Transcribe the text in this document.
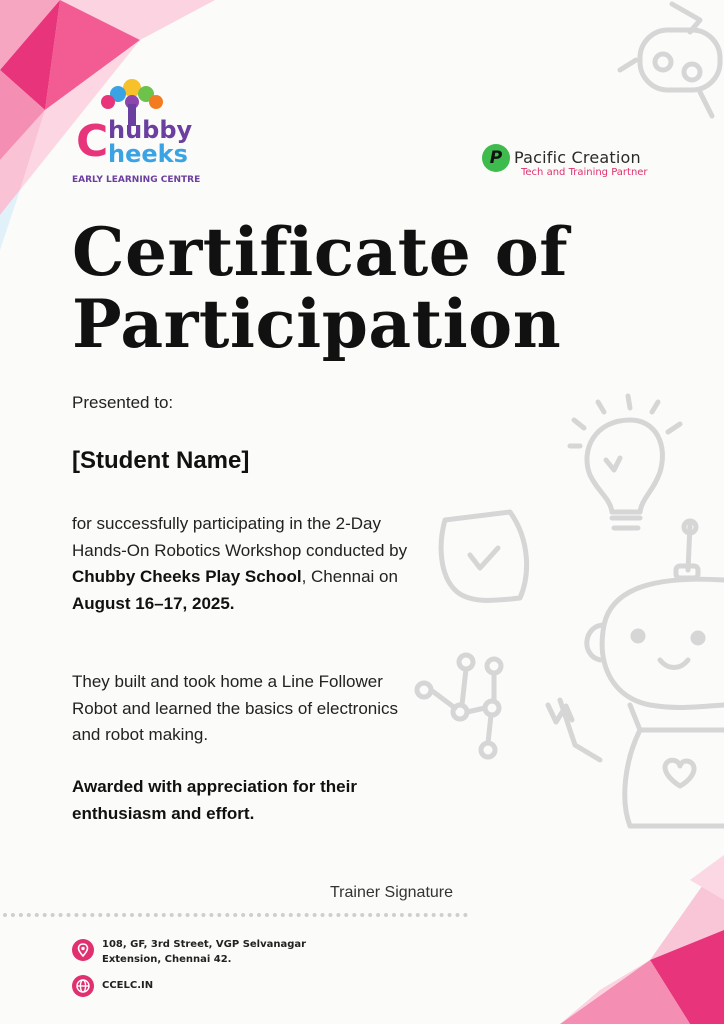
C hubby
heeks
EARLY LEARNING CENTRE
P Pacific Creation
Tech and Training Partner
Certificate of
Participation
Presented to:
[Student Name]
for successfully participating in the 2-Day Hands-On Robotics Workshop conducted by Chubby Cheeks Play School, Chennai on August 16–17, 2025.
They built and took home a Line Follower Robot and learned the basics of electronics and robot making.
Awarded with appreciation for their enthusiasm and effort.
Trainer Signature
108, GF, 3rd Street, VGP Selvanagar Extension, Chennai 42.
CCELC.IN
